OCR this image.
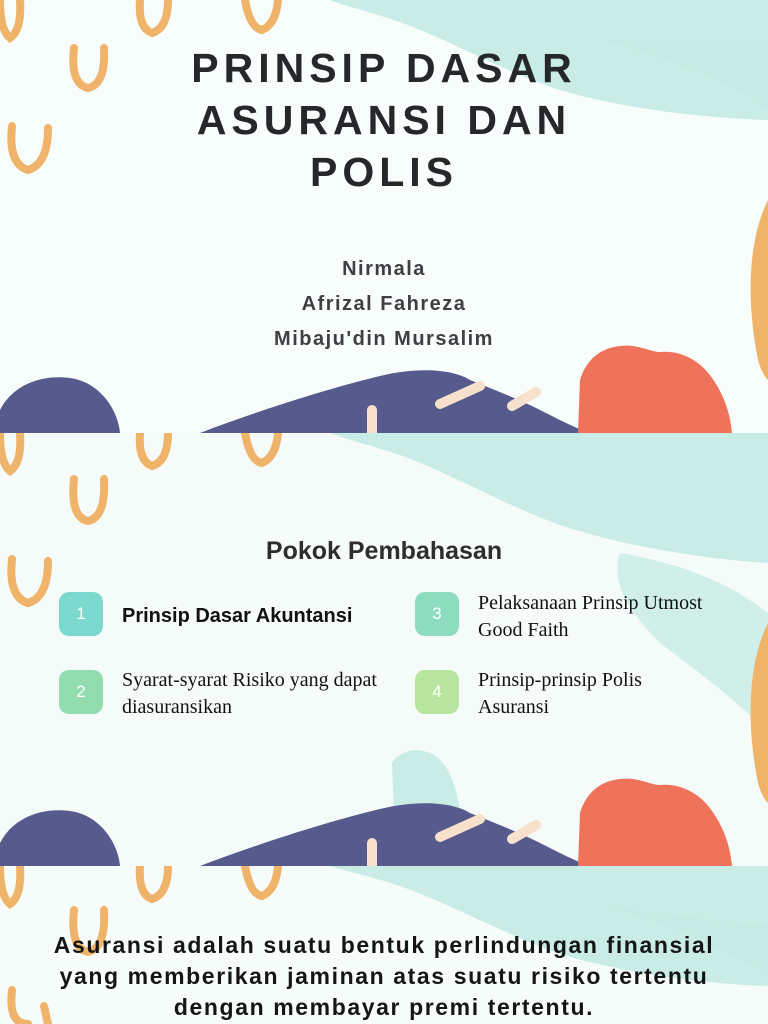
PRINSIP DASAR
ASURANSI DAN
POLIS
Nirmala
Afrizal Fahreza
Mibaju'din Mursalim
Pokok Pembahasan
1	Prinsip Dasar Akuntansi
2
Syarat-syarat Risiko yang dapat diasuransikan
3	Pelaksanaan Prinsip Utmost Good Faith
4
Prinsip-prinsip Polis Asuransi

Asuransi adalah suatu bentuk perlindungan finansial yang memberikan jaminan atas suatu risiko tertentu dengan membayar premi tertentu.
